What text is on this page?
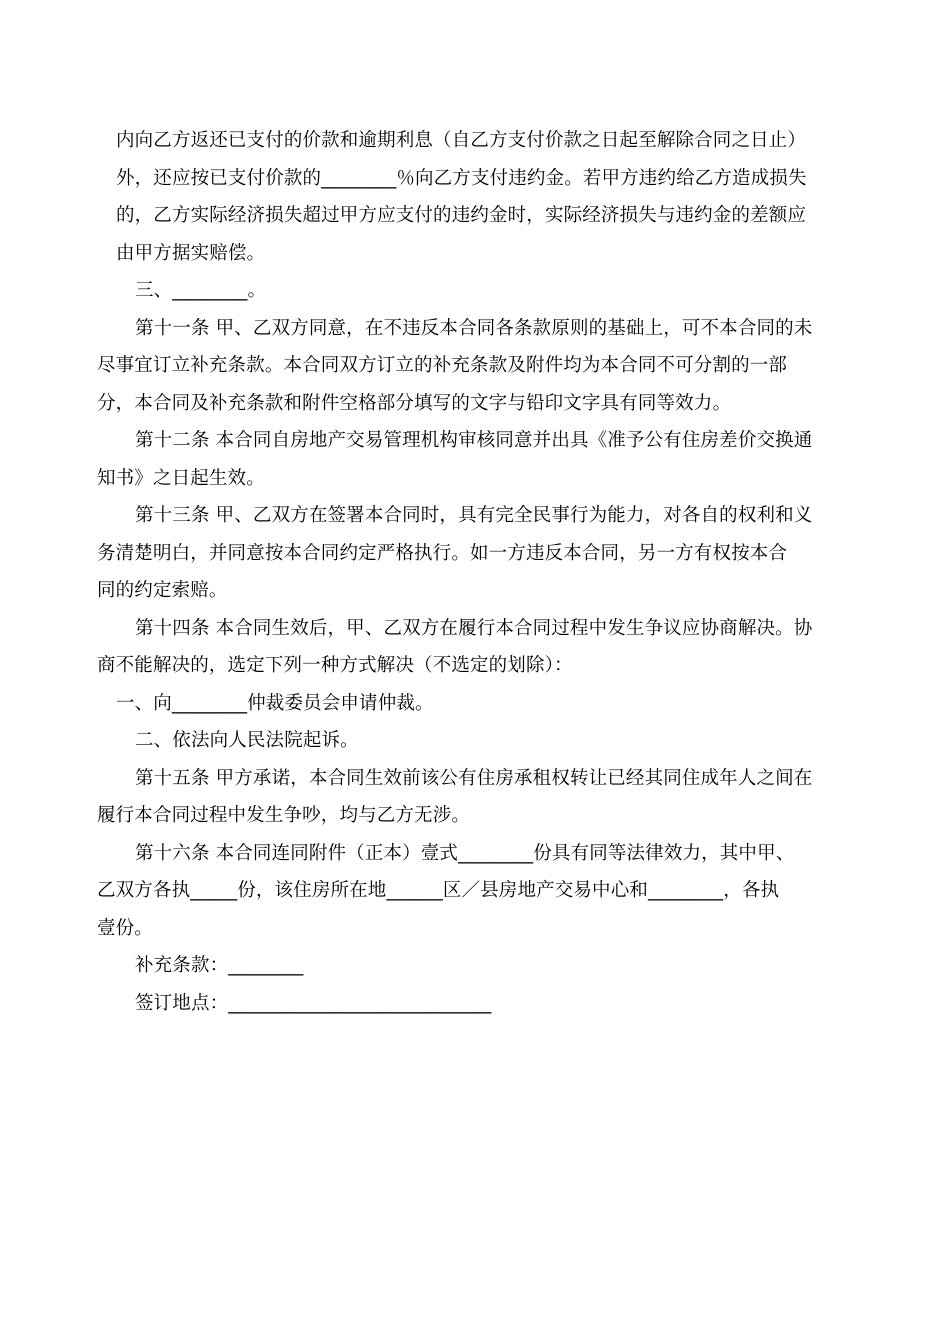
内向乙方返还已支付的价款和逾期利息（自乙方支付价款之日起至解除合同之日止）
外，还应按已支付价款的________％向乙方支付违约金。若甲方违约给乙方造成损失
的，乙方实际经济损失超过甲方应支付的违约金时，实际经济损失与违约金的差额应
由甲方据实赔偿。
三、________。
第十一条 甲、乙双方同意，在不违反本合同各条款原则的基础上，可不本合同的未
尽事宜订立补充条款。本合同双方订立的补充条款及附件均为本合同不可分割的一部
分，本合同及补充条款和附件空格部分填写的文字与铅印文字具有同等效力。
第十二条 本合同自房地产交易管理机构审核同意并出具《准予公有住房差价交换通
知书》之日起生效。
第十三条 甲、乙双方在签署本合同时，具有完全民事行为能力，对各自的权利和义
务清楚明白，并同意按本合同约定严格执行。如一方违反本合同，另一方有权按本合
同的约定索赔。
第十四条 本合同生效后，甲、乙双方在履行本合同过程中发生争议应协商解决。协
商不能解决的，选定下列一种方式解决（不选定的划除）：
一、向________仲裁委员会申请仲裁。
二、依法向人民法院起诉。
第十五条 甲方承诺，本合同生效前该公有住房承租权转让已经其同住成年人之间在
履行本合同过程中发生争吵，均与乙方无涉。
第十六条 本合同连同附件（正本）壹式________份具有同等法律效力，其中甲、
乙双方各执_____份，该住房所在地______区／县房地产交易中心和________，各执
壹份。
补充条款：________
签订地点：____________________________
